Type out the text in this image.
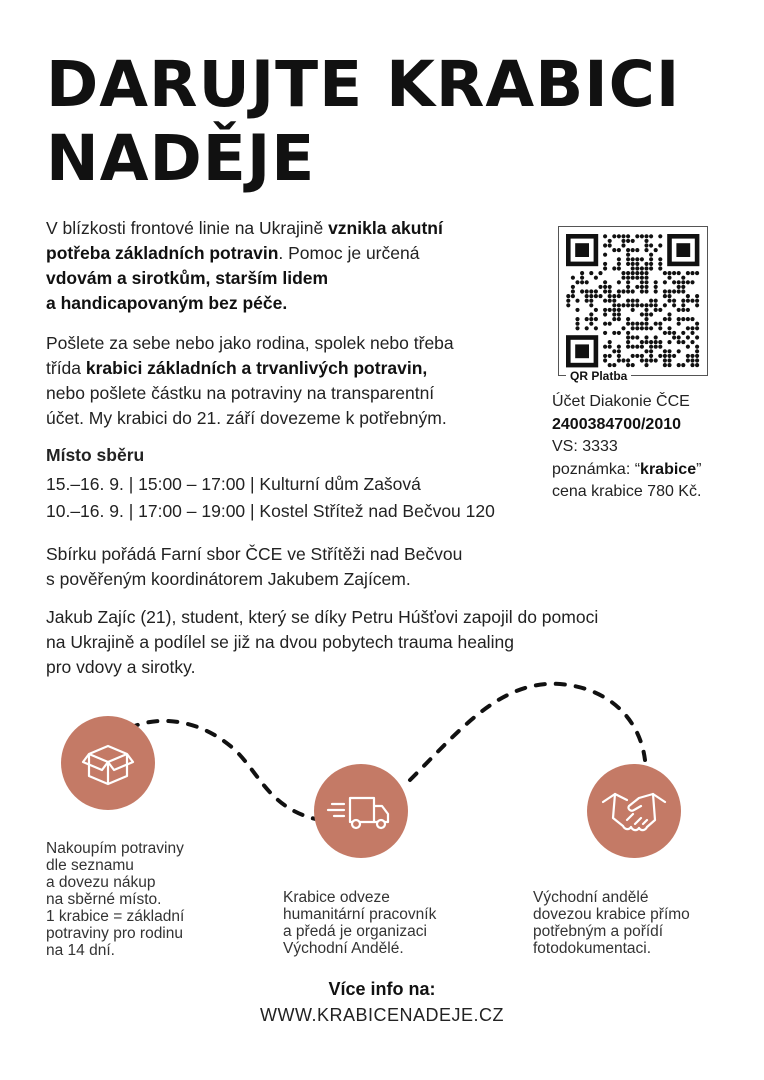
DARUJTE KRABICI
NADĚJE
V blízkosti frontové linie na Ukrajině vznikla akutní
potřeba základních potravin. Pomoc je určená
vdovám a sirotkům, starším lidem
a handicapovaným bez péče.
Pošlete za sebe nebo jako rodina, spolek nebo třeba
třída krabici základních a trvanlivých potravin,
nebo pošlete částku na potraviny na transparentní
účet. My krabici do 21. září dovezeme k potřebným.
Místo sběru
15.–16. 9. | 15:00 – 17:00 | Kulturní dům Zašová
10.–16. 9. | 17:00 – 19:00 | Kostel Střítež nad Bečvou 120
QR Platba
Účet Diakonie ČCE
2400384700/2010
VS: 3333
poznámka: “krabice”
cena krabice 780 Kč.
Sbírku pořádá Farní sbor ČCE ve Střítěži nad Bečvou
s pověřeným koordinátorem Jakubem Zajícem.
Jakub Zajíc (21), student, který se díky Petru Húšťovi zapojil do pomoci
na Ukrajině a podílel se již na dvou pobytech trauma healing
pro vdovy a sirotky.
Nakoupím potraviny
dle seznamu
a dovezu nákup
na sběrné místo.
1 krabice = základní
potraviny pro rodinu
na 14 dní.
Krabice odveze
humanitární pracovník
a předá je organizaci
Východní Andělé.
Východní andělé
dovezou krabice přímo
potřebným a pořídí
fotodokumentaci.
Více info na:
WWW.KRABICENADEJE.CZ
